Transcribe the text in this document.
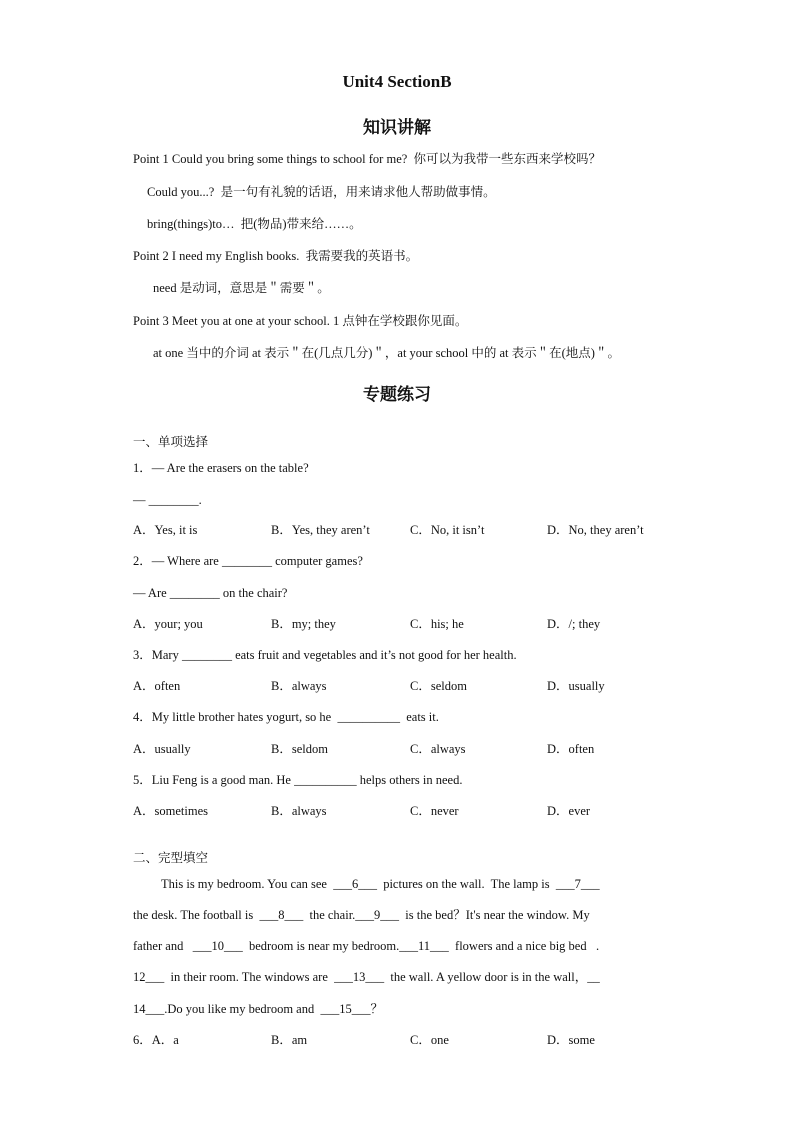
Unit4 SectionB
知识讲解
Point 1 Could you bring some things to school for me?  你可以为我带一些东西来学校吗？
Could you...?  是一句有礼貌的话语，用来请求他人帮助做事情。
bring(things)to…  把(物品)带来给……。
Point 2 I need my English books.  我需要我的英语书。
need 是动词，意思是＂需要＂。
Point 3 Meet you at one at your school. 1 点钟在学校跟你见面。
at one 当中的介词 at 表示＂在(几点几分)＂，at your school 中的 at 表示＂在(地点)＂。
专题练习
一、单项选择
1．— Are the erasers on the table?
— ________.
A．Yes, it is	B．Yes, they aren’t	C．No, it isn’t	D．No, they aren’t
2．— Where are ________ computer games?
— Are ________ on the chair?
A．your; you	B．my; they	C．his; he	D．/; they
3．Mary ________ eats fruit and vegetables and it’s not good for her health.
A．often	B．always	C．seldom	D．usually
4．My little brother hates yogurt, so he  __________  eats it.
A．usually	B．seldom	C．always	D．often
5．Liu Feng is a good man. He __________ helps others in need.
A．sometimes	B．always	C．never	D．ever
二、完型填空
This is my bedroom. You can see  ___6___  pictures on the wall.  The lamp is  ___7___
the desk. The football is  ___8___  the chair.___9___  is the bed？It's near the window. My
father and   ___10___  bedroom is near my bedroom.___11___  flowers and a nice big bed   .
12___  in their room. The windows are  ___13___  the wall. A yellow door is in the wall，__
14___.Do you like my bedroom and  ___15___？
6．A．a	B．am	C．one	D．some
